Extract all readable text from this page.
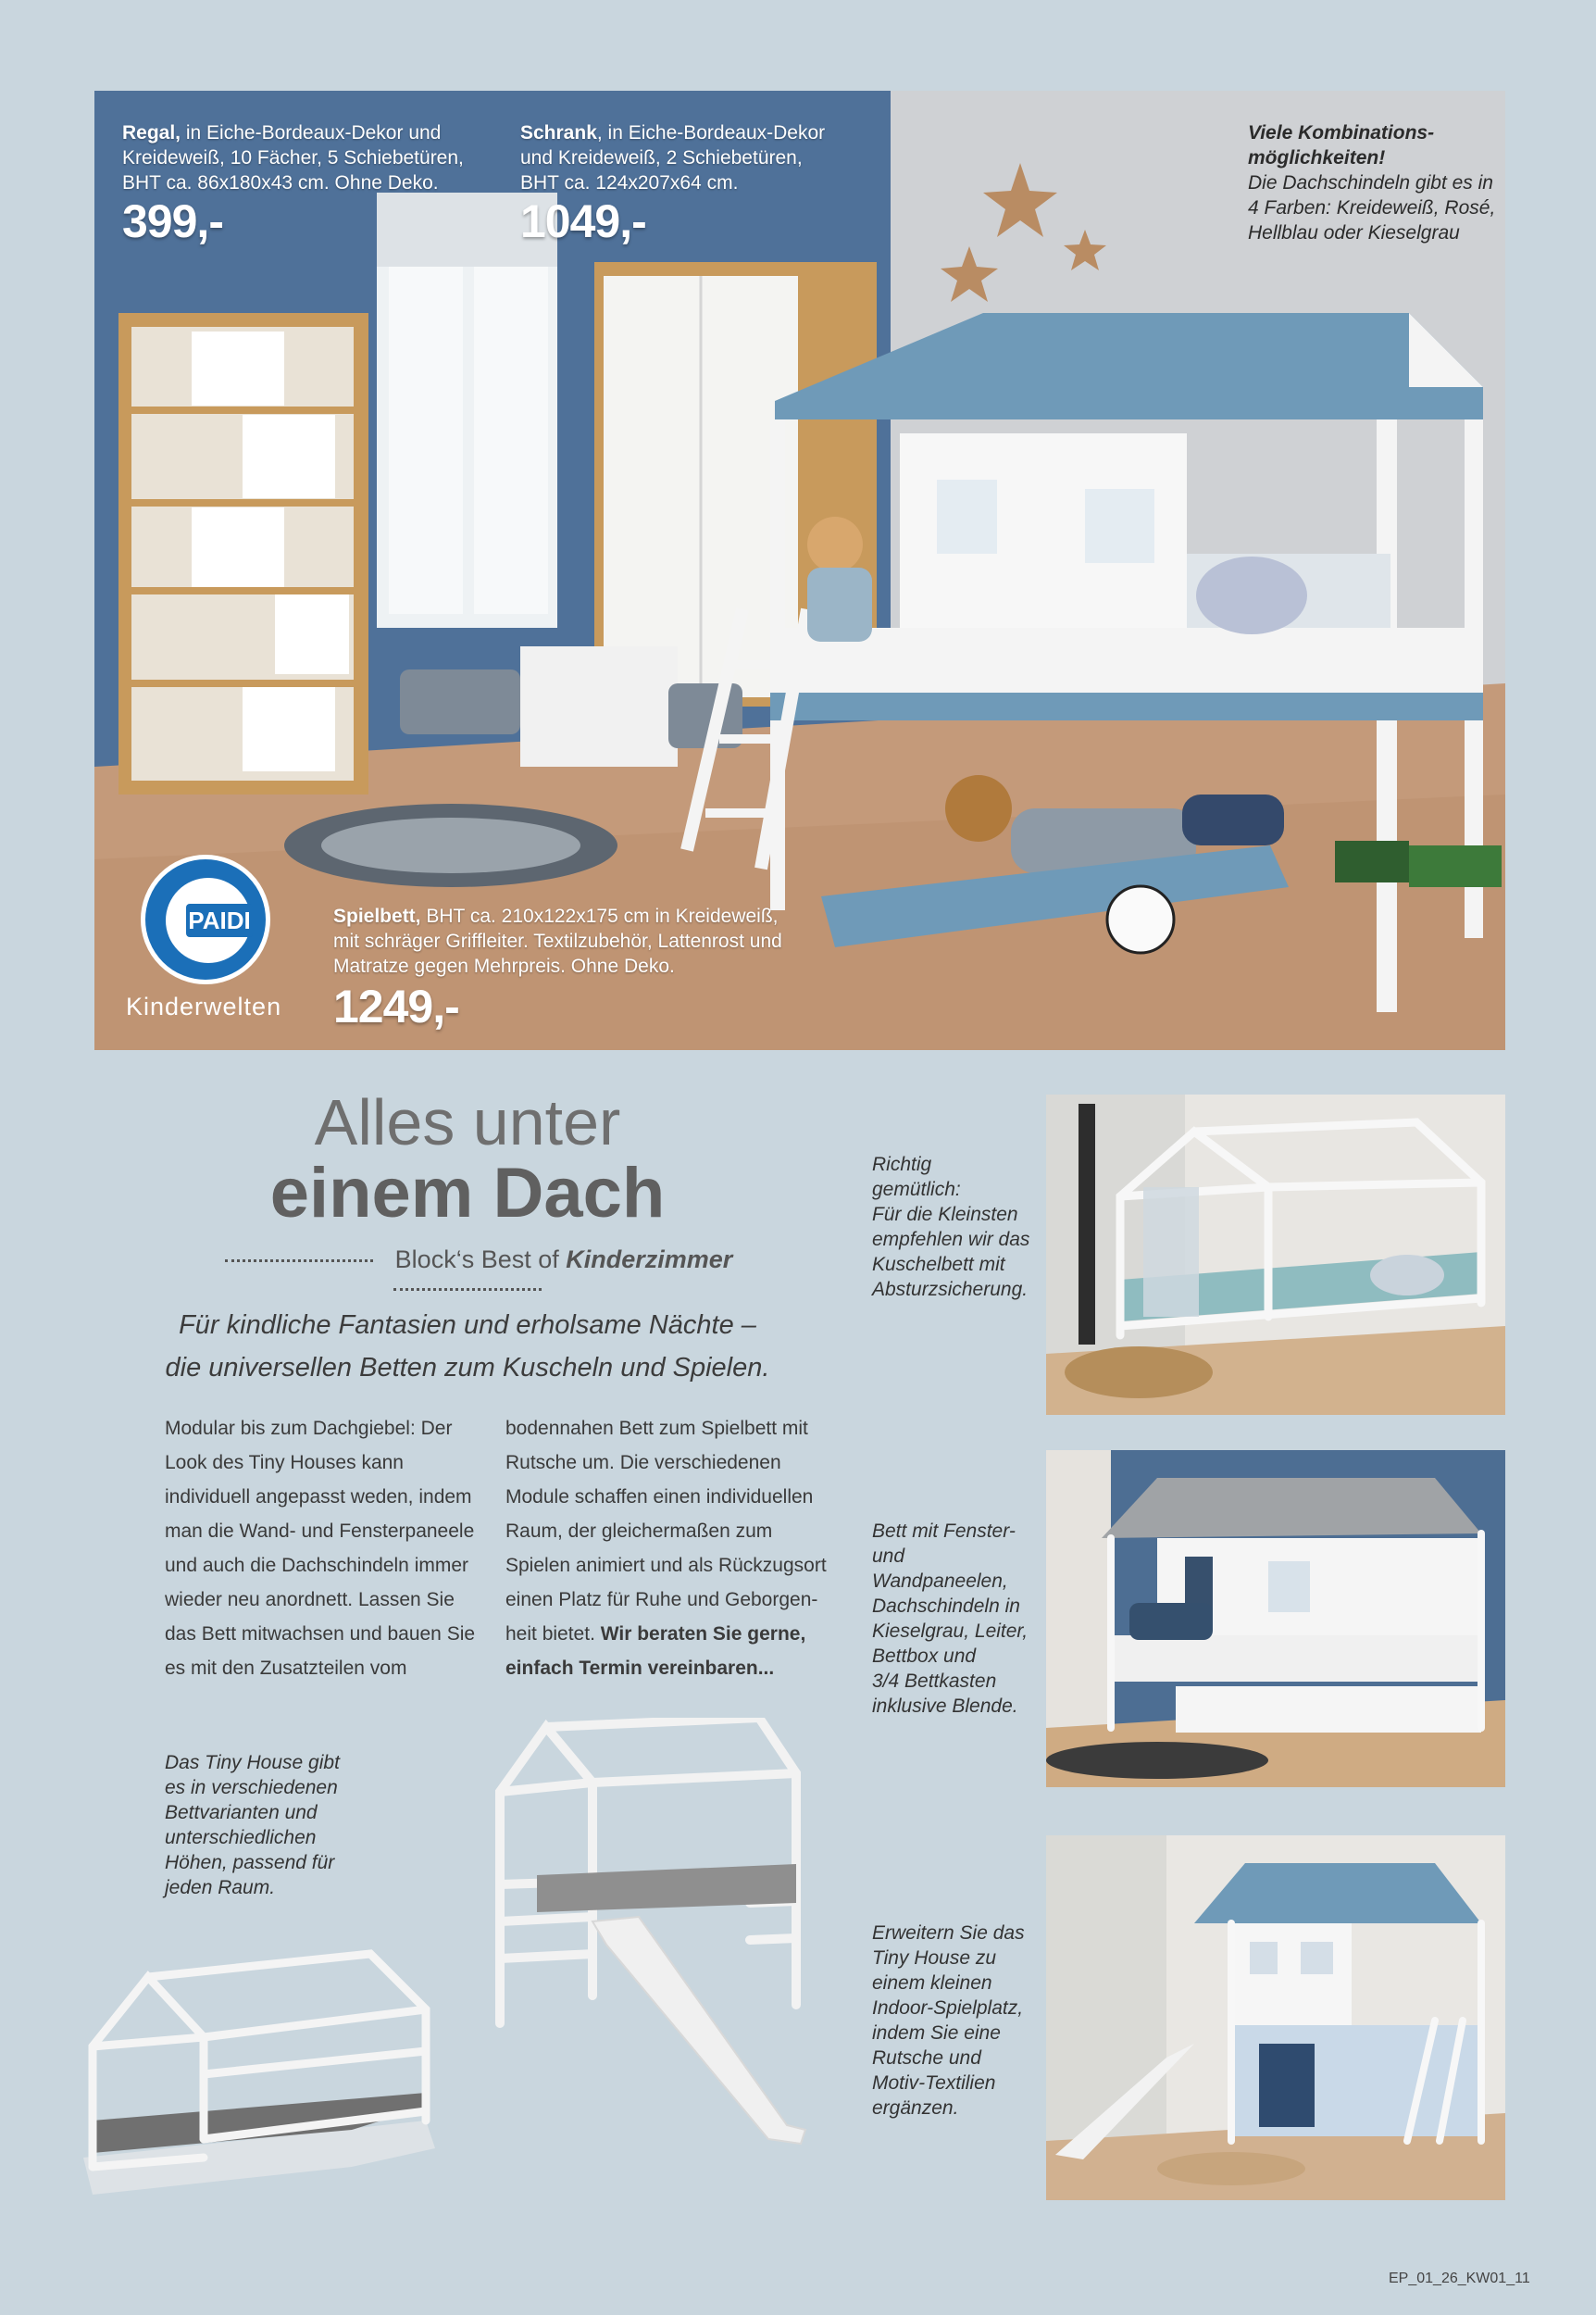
Regal, in Eiche-Bordeaux-Dekor und
Kreideweiß, 10 Fächer, 5 Schiebetüren,
BHT ca. 86x180x43 cm. Ohne Deko.
399,-
Schrank, in Eiche-Bordeaux-Dekor
und Kreideweiß, 2 Schiebetüren,
BHT ca. 124x207x64 cm.
1049,-
Viele Kombinations-
möglichkeiten!
Die Dachschindeln gibt es in
4 Farben: Kreideweiß, Rosé,
Hellblau oder Kieselgrau
Spielbett, BHT ca. 210x122x175 cm in Kreideweiß,
mit schräger Griffleiter. Textilzubehör, Lattenrost und
Matratze gegen Mehrpreis. Ohne Deko.
1249,-
PAIDI
Kinderwelten
Alles unter
einem Dach
Block‘s Best of Kinderzimmer
Für kindliche Fantasien und erholsame Nächte –
die universellen Betten zum Kuscheln und Spielen.
Modular bis zum Dachgiebel: Der
Look des Tiny Houses kann
individuell angepasst weden, indem
man die Wand- und Fensterpaneele
und auch die Dachschindeln immer
wieder neu anordnett. Lassen Sie
das Bett mitwachsen und bauen Sie
es mit den Zusatzteilen vom
bodennahen Bett zum Spielbett mit
Rutsche um. Die verschiedenen
Module schaffen einen individuellen
Raum, der gleichermaßen zum
Spielen animiert und als Rückzugsort
einen Platz für Ruhe und Geborgen-
heit bietet. Wir beraten Sie gerne,
einfach Termin vereinbaren...
Das Tiny House gibt
es in verschiedenen
Bettvarianten und
unterschiedlichen
Höhen, passend für
jeden Raum.
Richtig
gemütlich:
Für die Kleinsten
empfehlen wir das
Kuschelbett mit
Absturzsicherung.
Bett mit Fenster-
und Wandpaneelen,
Dachschindeln in
Kieselgrau, Leiter,
Bettbox und
3/4 Bettkasten
inklusive Blende.
Erweitern Sie das
Tiny House zu
einem kleinen
Indoor-Spielplatz,
indem Sie eine
Rutsche und
Motiv-Textilien
ergänzen.
EP_01_26_KW01_11
